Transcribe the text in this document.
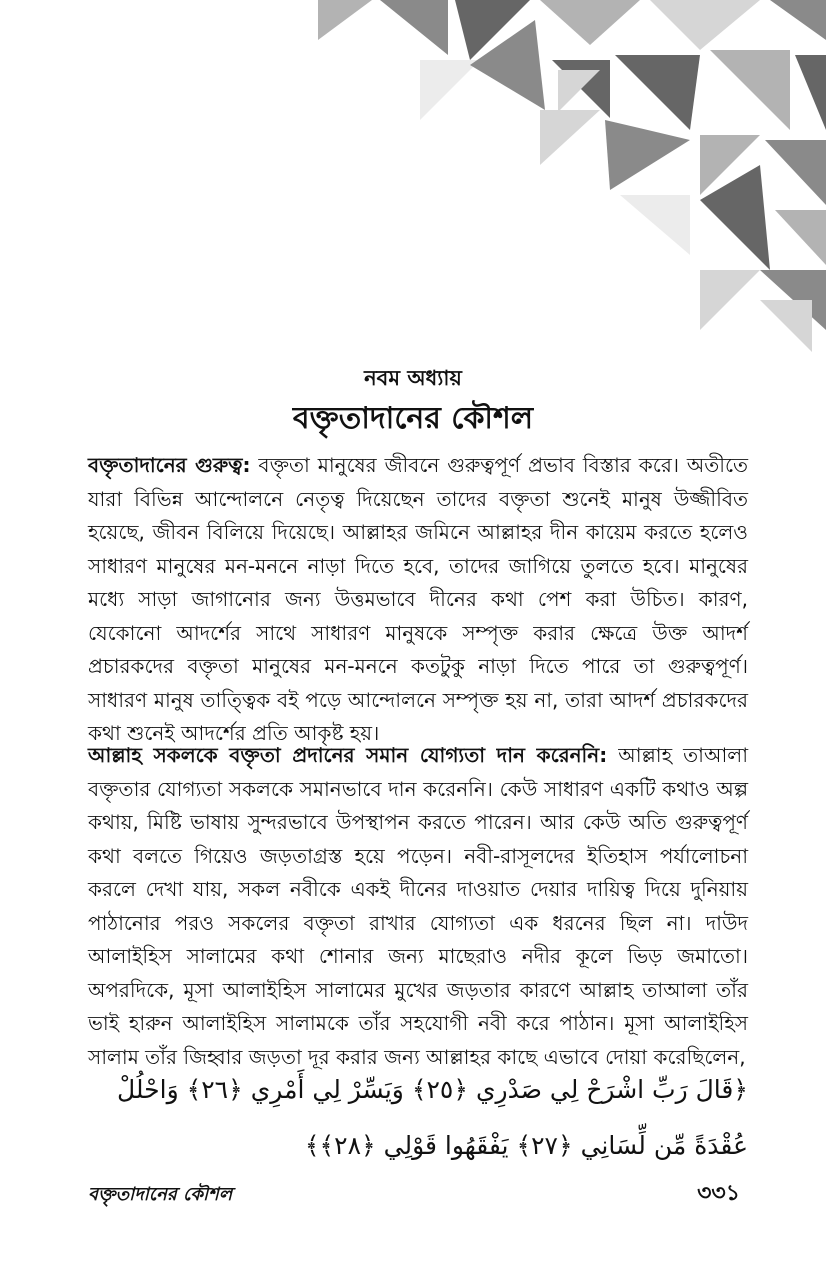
নবম অধ্যায়
বক্তৃতাদানের কৌশল

বক্তৃতাদানের গুরুত্ব: বক্তৃতা মানুষের জীবনে গুরুত্বপূর্ণ প্রভাব বিস্তার করে। অতীতে যারা বিভিন্ন আন্দোলনে নেতৃত্ব দিয়েছেন তাদের বক্তৃতা শুনেই মানুষ উজ্জীবিত হয়েছে, জীবন বিলিয়ে দিয়েছে। আল্লাহর জমিনে আল্লাহর দীন কায়েম করতে হলেও সাধারণ মানুষের মন-মননে নাড়া দিতে হবে, তাদের জাগিয়ে তুলতে হবে। মানুষের মধ্যে সাড়া জাগানোর জন্য উত্তমভাবে দীনের কথা পেশ করা উচিত। কারণ, যেকোনো আদর্শের সাথে সাধারণ মানুষকে সম্পৃক্ত করার ক্ষেত্রে উক্ত আদর্শ প্রচারকদের বক্তৃতা মানুষের মন-মননে কতটুকু নাড়া দিতে পারে তা গুরুত্বপূর্ণ। সাধারণ মানুষ তাত্ত্বিক বই পড়ে আন্দোলনে সম্পৃক্ত হয় না, তারা আদর্শ প্রচারকদের কথা শুনেই আদর্শের প্রতি আকৃষ্ট হয়।

আল্লাহ সকলকে বক্তৃতা প্রদানের সমান যোগ্যতা দান করেননি: আল্লাহ তাআলা বক্তৃতার যোগ্যতা সকলকে সমানভাবে দান করেননি। কেউ সাধারণ একটি কথাও অল্প কথায়, মিষ্টি ভাষায় সুন্দরভাবে উপস্থাপন করতে পারেন। আর কেউ অতি গুরুত্বপূর্ণ কথা বলতে গিয়েও জড়তাগ্রস্ত হয়ে পড়েন। নবী-রাসূলদের ইতিহাস পর্যালোচনা করলে দেখা যায়, সকল নবীকে একই দীনের দাওয়াত দেয়ার দায়িত্ব দিয়ে দুনিয়ায় পাঠানোর পরও সকলের বক্তৃতা রাখার যোগ্যতা এক ধরনের ছিল না। দাউদ আলাইহিস সালামের কথা শোনার জন্য মাছেরাও নদীর কূলে ভিড় জমাতো। অপরদিকে, মূসা আলাইহিস সালামের মুখের জড়তার কারণে আল্লাহ তাআলা তাঁর ভাই হারুন আলাইহিস সালামকে তাঁর সহযোগী নবী করে পাঠান। মূসা আলাইহিস সালাম তাঁর জিহ্বার জড়তা দূর করার জন্য আল্লাহর কাছে এভাবে দোয়া করেছিলেন,

﴿قَالَ رَبِّ اشْرَحْ لِي صَدْرِي ﴿٢٥﴾ وَيَسِّرْ لِي أَمْرِي ﴿٢٦﴾ وَاحْلُلْ عُقْدَةً مِّن لِّسَانِي ﴿٢٧﴾ يَفْقَهُوا قَوْلِي ﴿٢٨﴾﴾
বক্তৃতাদানের কৌশল	৩৩১
